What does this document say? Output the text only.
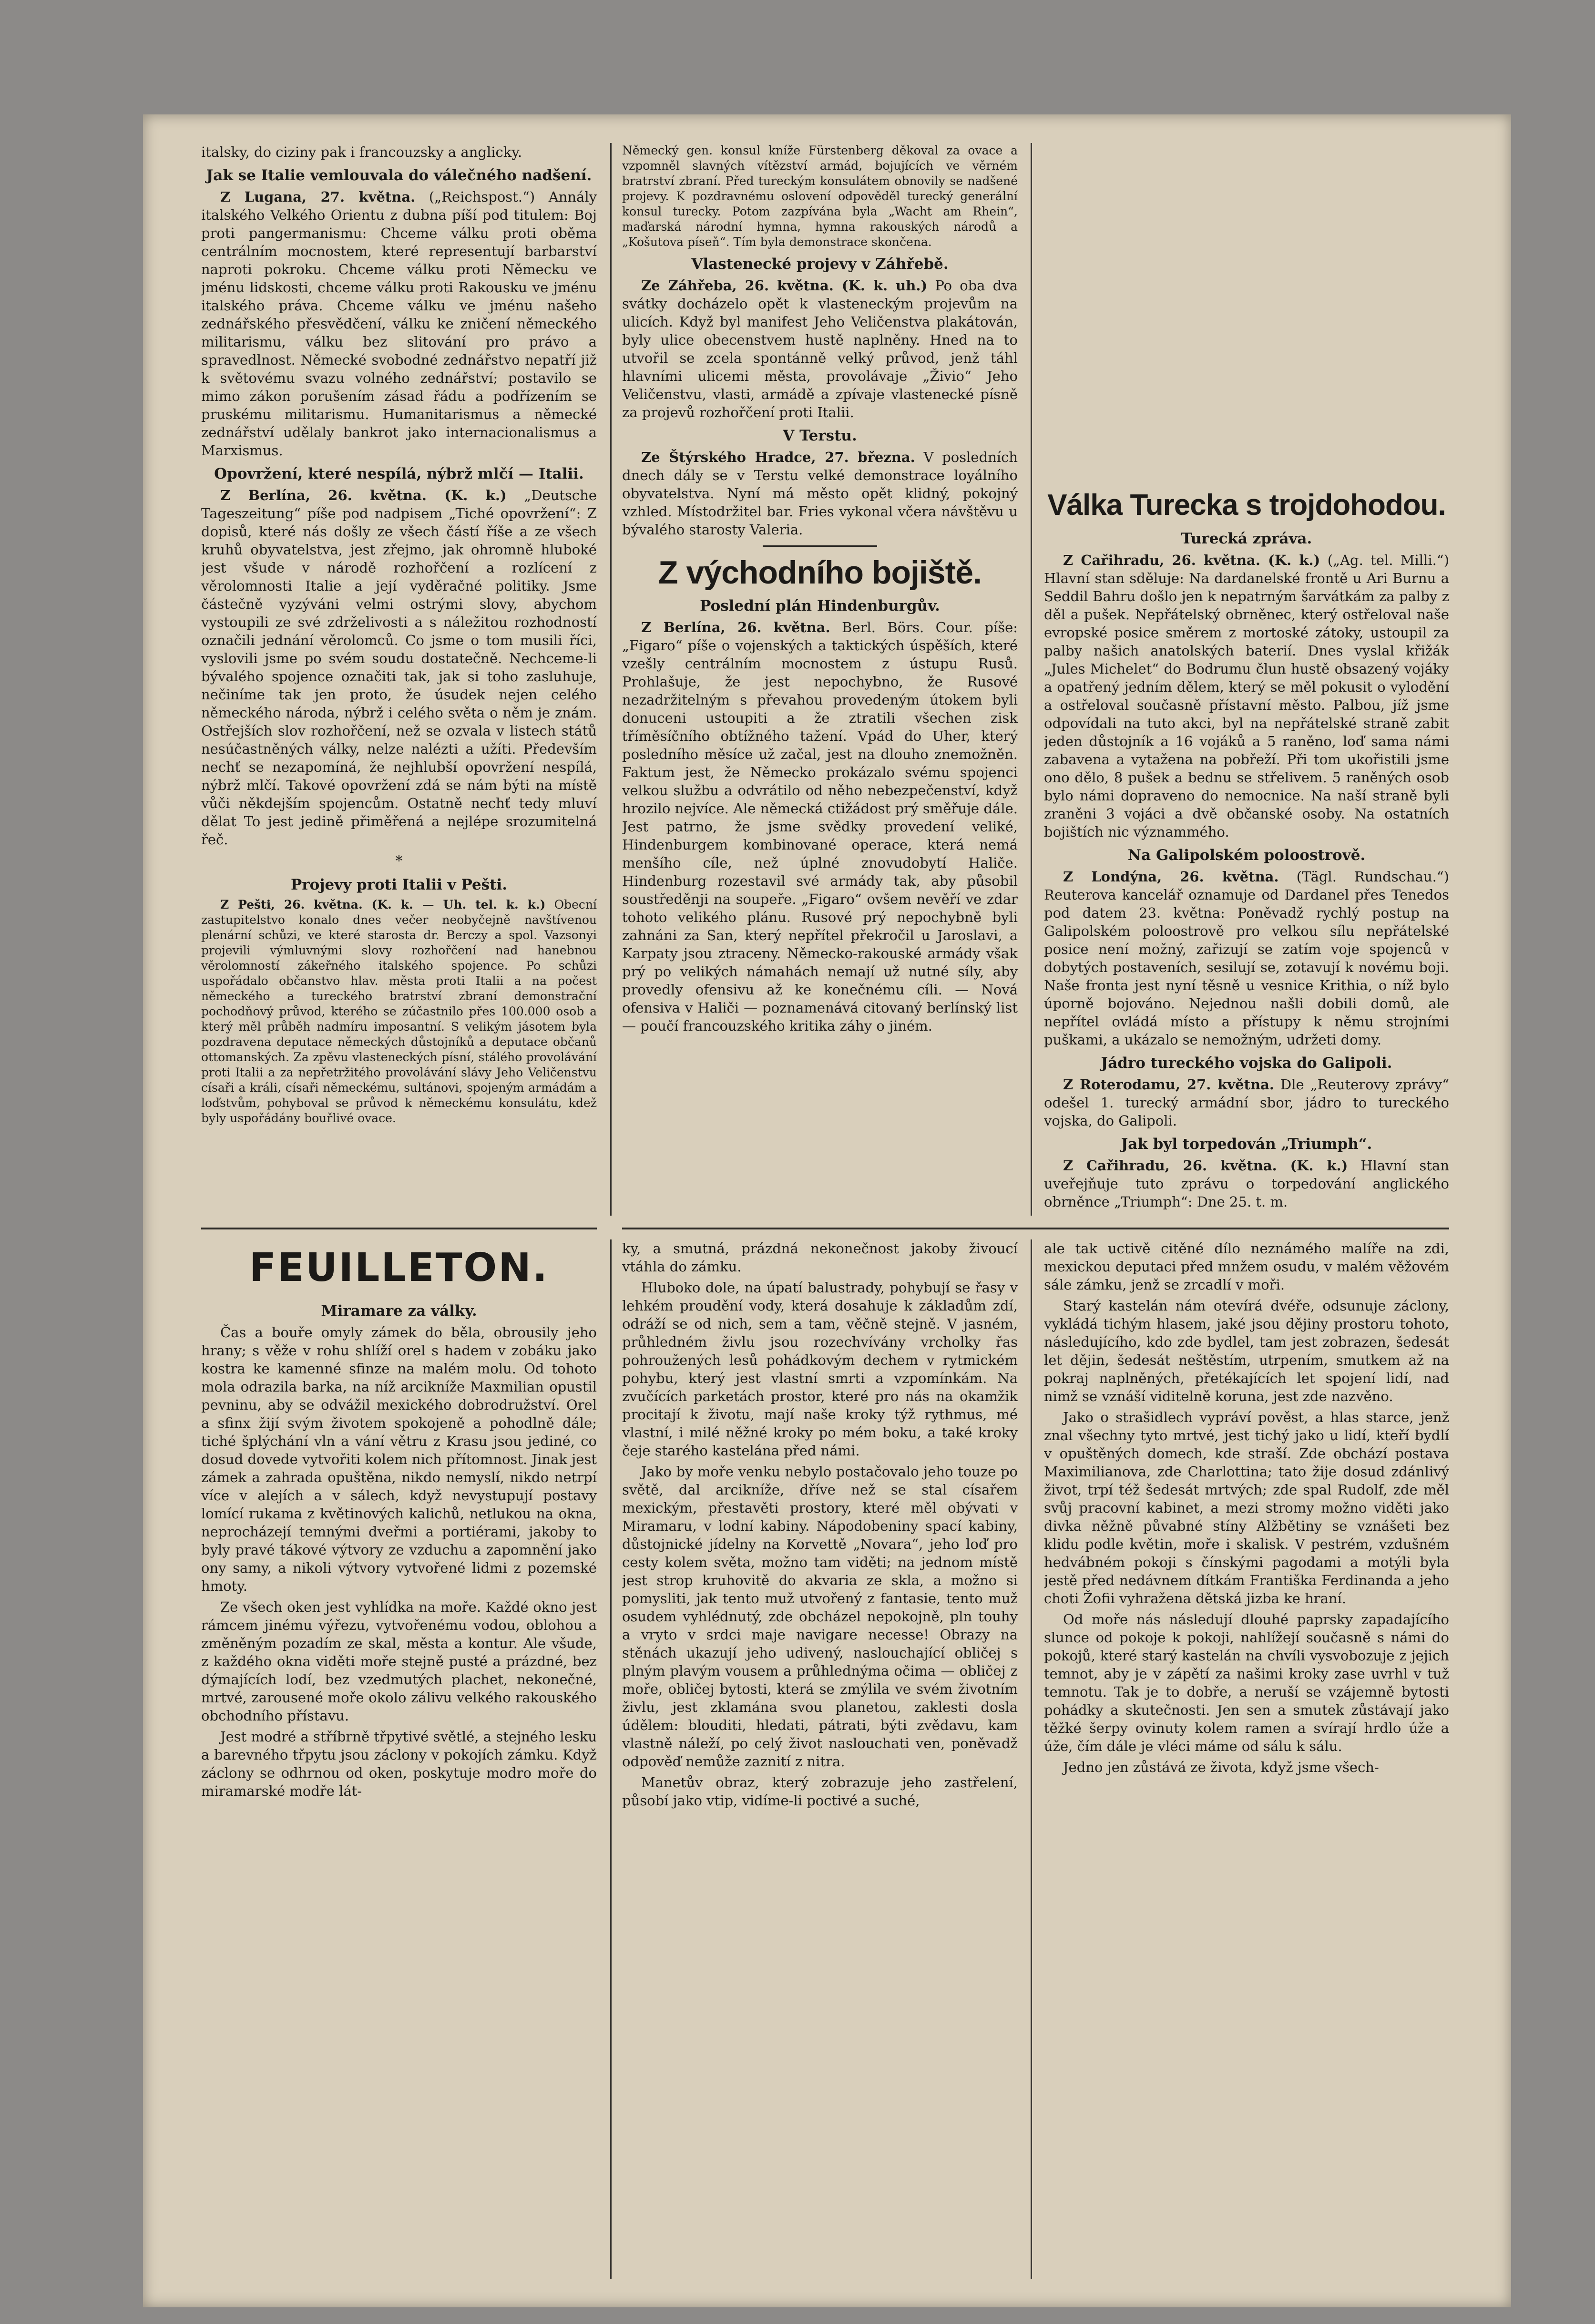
italsky, do ciziny pak i francouzsky a anglicky.

Jak se Italie vemlouvala do válečného nadšení.

Z Lugana, 27. května. („Reichspost.“) Annály italského Velkého Orientu z dubna píší pod titulem: Boj proti pangermanismu: Chceme válku proti oběma centrálním mocnostem, které representují barbarství naproti pokroku. Chceme válku proti Německu ve jménu lidskosti, chceme válku proti Rakousku ve jménu italského práva. Chceme válku ve jménu našeho zednářského přesvědčení, válku ke zničení německého militarismu, válku bez slitování pro právo a spravedlnost. Německé svobodné zednářstvo nepatří již k světovému svazu volného zednářství; postavilo se mimo zákon porušením zásad řádu a podřízením se pruskému militarismu. Humanitarismus a německé zednářství udělaly bankrot jako internacionalismus a Marxismus.

Opovržení, které nespílá, nýbrž mlčí — Italii.

Z Berlína, 26. května. (K. k.) „Deutsche Tageszeitung“ píše pod nadpisem „Tiché opovržení“: Z dopisů, které nás došly ze všech částí říše a ze všech kruhů obyvatelstva, jest zřejmo, jak ohromně hluboké jest všude v národě rozhořčení a rozlícení z věrolomnosti Italie a její vyděračné politiky. Jsme částečně vyzýváni velmi ostrými slovy, abychom vystoupili ze své zdrželivosti a s náležitou rozhodností označili jednání věrolomců. Co jsme o tom musili říci, vyslovili jsme po svém soudu dostatečně. Nechceme-li bývalého spojence označiti tak, jak si toho zasluhuje, nečiníme tak jen proto, že úsudek nejen celého německého národa, nýbrž i celého světa o něm je znám. Ostřejších slov rozhořčení, než se ozvala v listech států nesúčastněných války, nelze nalézti a užíti. Především nechť se nezapomíná, že nejhlubší opovržení nespílá, nýbrž mlčí. Takové opovržení zdá se nám býti na místě vůči někdejším spojencům. Ostatně nechť tedy mluví dělat To jest jedině přiměřená a nejlépe srozumitelná řeč.

*
Projevy proti Italii v Pešti.

Z Pešti, 26. května. (K. k. — Uh. tel. k. k.) Obecní zastupitelstvo konalo dnes večer neobyčejně navštívenou plenární schůzi, ve které starosta dr. Berczy a spol. Vazsonyi projevili výmluvnými slovy rozhořčení nad hanebnou věrolomností zákeřného italského spojence. Po schůzi uspořádalo občanstvo hlav. města proti Italii a na počest německého a tureckého bratrství zbraní demonstrační pochodňový průvod, kterého se zúčastnilo přes 100.000 osob a který měl průběh nadmíru imposantní. S velikým jásotem byla pozdravena deputace německých důstojníků a deputace občanů ottomanských. Za zpěvu vlasteneckých písní, stálého provolávání proti Italii a za nepřetržitého provolávání slávy Jeho Veličenstvu císaři a králi, císaři německému, sultánovi, spojeným armádám a loďstvům, pohyboval se průvod k německému konsulátu, kdež byly uspořádány bouřlivé ovace.

Německý gen. konsul kníže Fürstenberg děkoval za ovace a vzpomněl slavných vítězství armád, bojujících ve věrném bratrství zbraní. Před tureckým konsulátem obnovily se nadšené projevy. K pozdravnému oslovení odpověděl turecký generální konsul turecky. Potom zazpívána byla „Wacht am Rhein“, maďarská národní hymna, hymna rakouských národů a „Košutova píseň“. Tím byla demonstrace skončena.

Vlastenecké projevy v Záhřebě.

Ze Záhřeba, 26. května. (K. k. uh.) Po oba dva svátky docházelo opět k vlasteneckým projevům na ulicích. Když byl manifest Jeho Veličenstva plakátován, byly ulice obecenstvem hustě naplněny. Hned na to utvořil se zcela spontánně velký průvod, jenž táhl hlavními ulicemi města, provolávaje „Živio“ Jeho Veličenstvu, vlasti, armádě a zpívaje vlastenecké písně za projevů rozhořčení proti Italii.

V Terstu.

Ze Štýrského Hradce, 27. března. V posledních dnech dály se v Terstu velké demonstrace loyálního obyvatelstva. Nyní má město opět klidný, pokojný vzhled. Místodržitel bar. Fries vykonal včera návštěvu u bývalého starosty Valeria.

Z východního bojiště.
Poslední plán Hindenburgův.

Z Berlína, 26. května. Berl. Börs. Cour. píše: „Figaro“ píše o vojenských a taktických úspěších, které vzešly centrálním mocnostem z ústupu Rusů. Prohlašuje, že jest nepochybno, že Rusové nezadržitelným s převahou provedeným útokem byli donuceni ustoupiti a že ztratili všechen zisk tříměsíčního obtížného tažení. Vpád do Uher, který posledního měsíce už začal, jest na dlouho znemožněn. Faktum jest, že Německo prokázalo svému spojenci velkou službu a odvrátilo od něho nebezpečenství, když hrozilo nejvíce. Ale německá ctižádost prý směřuje dále. Jest patrno, že jsme svědky provedení veliké, Hindenburgem kombinované operace, která nemá menšího cíle, než úplné znovudobytí Haliče. Hindenburg rozestavil své armády tak, aby působil soustředěnji na soupeře. „Figaro“ ovšem nevěří ve zdar tohoto velikého plánu. Rusové prý nepochybně byli zahnáni za San, který nepřítel překročil u Jaroslavi, a Karpaty jsou ztraceny. Německo-rakouské armády však prý po velikých námahách nemají už nutné síly, aby provedly ofensivu až ke konečnému cíli. — Nová ofensiva v Haliči — poznamenává citovaný berlínský list — poučí francouzského kritika záhy o jiném.

Válka Turecka s trojdohodou.
Turecká zpráva.

Z Cařihradu, 26. května. (K. k.) („Ag. tel. Milli.“) Hlavní stan sděluje: Na dardanelské frontě u Ari Burnu a Seddil Bahru došlo jen k nepatrným šarvátkám za palby z děl a pušek. Nepřátelský obrněnec, který ostřeloval naše evropské posice směrem z mortoské zátoky, ustoupil za palby našich anatolských baterií. Dnes vyslal křižák „Jules Michelet“ do Bodrumu člun hustě obsazený vojáky a opatřený jedním dělem, který se měl pokusit o vylodění a ostřeloval současně přístavní město. Palbou, jíž jsme odpovídali na tuto akci, byl na nepřátelské straně zabit jeden důstojník a 16 vojáků a 5 raněno, loď sama námi zabavena a vytažena na pobřeží. Při tom ukořistili jsme ono dělo, 8 pušek a bednu se střelivem. 5 raněných osob bylo námi dopraveno do nemocnice. Na naší straně byli zraněni 3 vojáci a dvě občanské osoby. Na ostatních bojištích nic význammého.

Na Galipolském poloostrově.

Z Londýna, 26. května. (Tägl. Rundschau.“) Reuterova kancelář oznamuje od Dardanel přes Tenedos pod datem 23. května: Poněvadž rychlý postup na Galipolském poloostrově pro velkou sílu nepřátelské posice není možný, zařizují se zatím voje spojenců v dobytých postaveních, sesilují se, zotavují k novému boji. Naše fronta jest nyní těsně u vesnice Krithia, o níž bylo úporně bojováno. Nejednou našli dobili domů, ale nepřítel ovládá místo a přístupy k němu strojními puškami, a ukázalo se nemožným, udržeti domy.

Jádro tureckého vojska do Galipoli.

Z Roterodamu, 27. května. Dle „Reuterovy zprávy“ odešel 1. turecký armádní sbor, jádro to tureckého vojska, do Galipoli.

Jak byl torpedován „Triumph“.

Z Cařihradu, 26. května. (K. k.) Hlavní stan uveřejňuje tuto zprávu o torpedování anglického obrněnce „Triumph“: Dne 25. t. m.

FEUILLETON.
Miramare za války.

Čas a bouře omyly zámek do běla, obrousily jeho hrany; s věže v rohu shlíží orel s hadem v zobáku jako kostra ke kamenné sfinze na malém molu. Od tohoto mola odrazila barka, na níž arcikníže Maxmilian opustil pevninu, aby se odvážil mexického dobrodružství. Orel a sfinx žijí svým životem spokojeně a pohodlně dále; tiché šplýchání vln a vání větru z Krasu jsou jediné, co dosud dovede vytvořiti kolem nich přítomnost. Jinak jest zámek a zahrada opuštěna, nikdo nemyslí, nikdo netrpí více v alejích a v sálech, když nevystupují postavy lomící rukama z květinových kalichů, netlukou na okna, neprocházejí temnými dveřmi a portiérami, jakoby to byly pravé tákové výtvory ze vzduchu a zapomnění jako ony samy, a nikoli výtvory vytvořené lidmi z pozemské hmoty.

Ze všech oken jest vyhlídka na moře. Každé okno jest rámcem jinému výřezu, vytvořenému vodou, oblohou a změněným pozadím ze skal, města a kontur. Ale všude, z každého okna viděti moře stejně pusté a prázdné, bez dýmajících lodí, bez vzedmutých plachet, nekonečné, mrtvé, zarousené moře okolo zálivu velkého rakouského obchodního přístavu.

Jest modré a stříbrně třpytivé světlé, a stejného lesku a barevného třpytu jsou záclony v pokojích zámku. Když záclony se odhrnou od oken, poskytuje modro moře do miramarské modře lát-

ky, a smutná, prázdná nekonečnost jakoby živoucí vtáhla do zámku.

Hluboko dole, na úpatí balustrady, pohybují se řasy v lehkém proudění vody, která dosahuje k základům zdí, odráží se od nich, sem a tam, věčně stejně. V jasném, průhledném živlu jsou rozechvívány vrcholky řas pohroužených lesů pohádkovým dechem v rytmickém pohybu, který jest vlastní smrti a vzpomínkám. Na zvučících parketách prostor, které pro nás na okamžik procitají k životu, mají naše kroky týž rythmus, mé vlastní, i milé něžné kroky po mém boku, a také kroky čeje starého kastelána před námi.

Jako by moře venku nebylo postačovalo jeho touze po světě, dal arcikníže, dříve než se stal císařem mexickým, přestavěti prostory, které měl obývati v Miramaru, v lodní kabiny. Nápodobeniny spací kabiny, důstojnické jídelny na Korvettě „Novara“, jeho loď pro cesty kolem světa, možno tam viděti; na jednom místě jest strop kruhovitě do akvaria ze skla, a možno si pomysliti, jak tento muž utvořený z fantasie, tento muž osudem vyhlédnutý, zde obcházel nepokojně, pln touhy a vryto v srdci maje navigare necesse! Obrazy na stěnách ukazují jeho udivený, naslouchající obličej s plným plavým vousem a průhlednýma očima — obličej z moře, obličej bytosti, která se zmýlila ve svém životním živlu, jest zklamána svou planetou, zaklesti dosla údělem: blouditi, hledati, pátrati, býti zvědavu, kam vlastně náleží, po celý život naslouchati ven, poněvadž odpověď nemůže zaznití z nitra.

Manetův obraz, který zobrazuje jeho zastřelení, působí jako vtip, vidíme-li poctivé a suché,

ale tak uctivě citěné dílo neznámého malíře na zdi, mexickou deputaci před mnžem osudu, v malém věžovém sále zámku, jenž se zrcadlí v moři.

Starý kastelán nám otevírá dvéře, odsunuje záclony, vykládá tichým hlasem, jaké jsou dějiny prostoru tohoto, následujícího, kdo zde bydlel, tam jest zobrazen, šedesát let dějin, šedesát neštěstím, utrpením, smutkem až na pokraj naplněných, přetékajících let spojení lidí, nad nimž se vznáší viditelně koruna, jest zde nazvěno.

Jako o strašidlech vypráví pověst, a hlas starce, jenž znal všechny tyto mrtvé, jest tichý jako u lidí, kteří bydlí v opuštěných domech, kde straší. Zde obchází postava Maximilianova, zde Charlottina; tato žije dosud zdánlivý život, trpí též šedesát mrtvých; zde spal Rudolf, zde měl svůj pracovní kabinet, a mezi stromy možno viděti jako divka něžně půvabné stíny Alžbětiny se vznášeti bez klidu podle květin, moře i skalisk. V pestrém, vzdušném hedvábném pokoji s čínskými pagodami a motýli byla jestě před nedávnem dítkám Františka Ferdinanda a jeho choti Žofii vyhražena dětská jizba ke hraní.

Od moře nás následují dlouhé paprsky zapadajícího slunce od pokoje k pokoji, nahlížejí současně s námi do pokojů, které starý kastelán na chvíli vysvobozuje z jejich temnot, aby je v zápětí za našimi kroky zase uvrhl v tuž temnotu. Tak je to dobře, a neruší se vzájemně bytosti pohádky a skutečnosti. Jen sen a smutek zůstávají jako těžké šerpy ovinuty kolem ramen a svírají hrdlo úže a úže, čím dále je vléci máme od sálu k sálu.

Jedno jen zůstává ze života, když jsme všech-
